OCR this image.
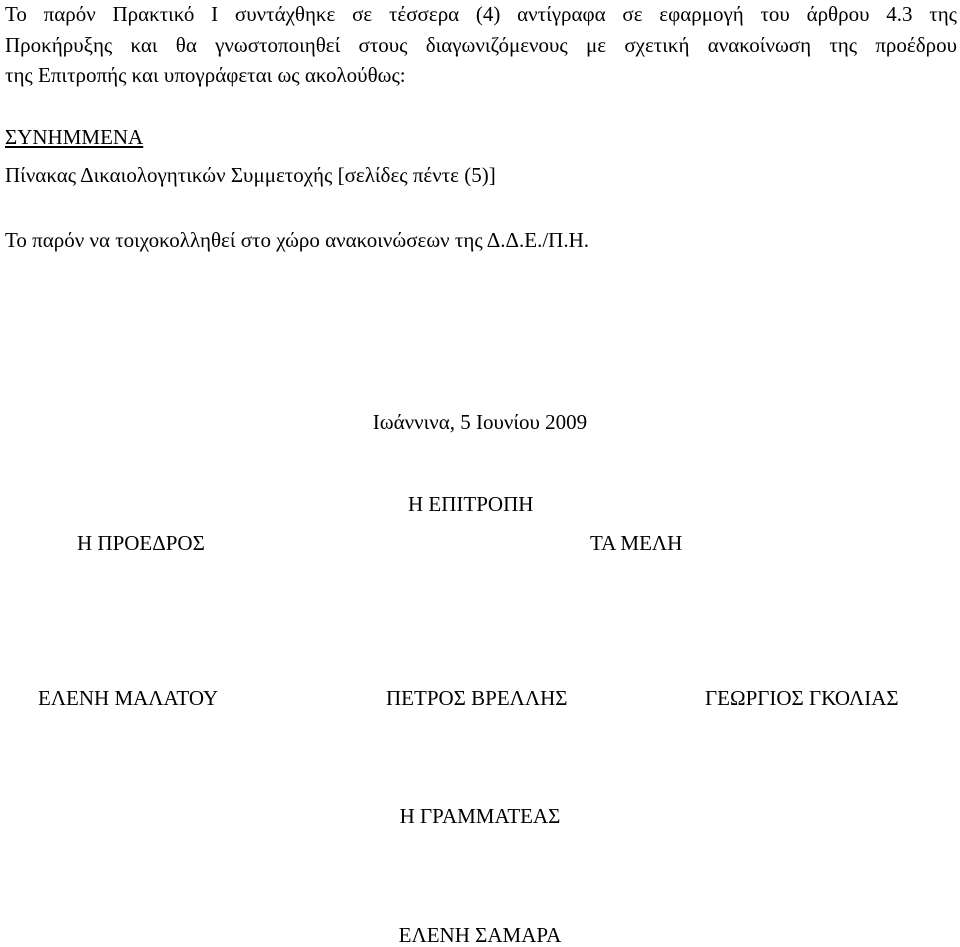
Το παρόν Πρακτικό Ι συντάχθηκε σε τέσσερα (4) αντίγραφα σε εφαρμογή του άρθρου 4.3 της
Προκήρυξης και θα γνωστοποιηθεί στους διαγωνιζόμενους με σχετική ανακοίνωση της προέδρου
της Επιτροπής και υπογράφεται ως ακολούθως:
ΣΥΝΗΜΜΕΝΑ
Πίνακας Δικαιολογητικών Συμμετοχής [σελίδες πέντε (5)]
Το παρόν να τοιχοκολληθεί στο χώρο ανακοινώσεων της Δ.Δ.Ε./Π.Η.
Ιωάννινα, 5 Ιουνίου 2009
Η ΕΠΙΤΡΟΠΗ
Η ΠΡΟΕΔΡΟΣ	ΤΑ ΜΕΛΗ
ΕΛΕΝΗ ΜΑΛΑΤΟΥ	ΠΕΤΡΟΣ ΒΡΕΛΛΗΣ	ΓΕΩΡΓΙΟΣ ΓΚΟΛΙΑΣ
Η ΓΡΑΜΜΑΤΕΑΣ
ΕΛΕΝΗ ΣΑΜΑΡΑ
